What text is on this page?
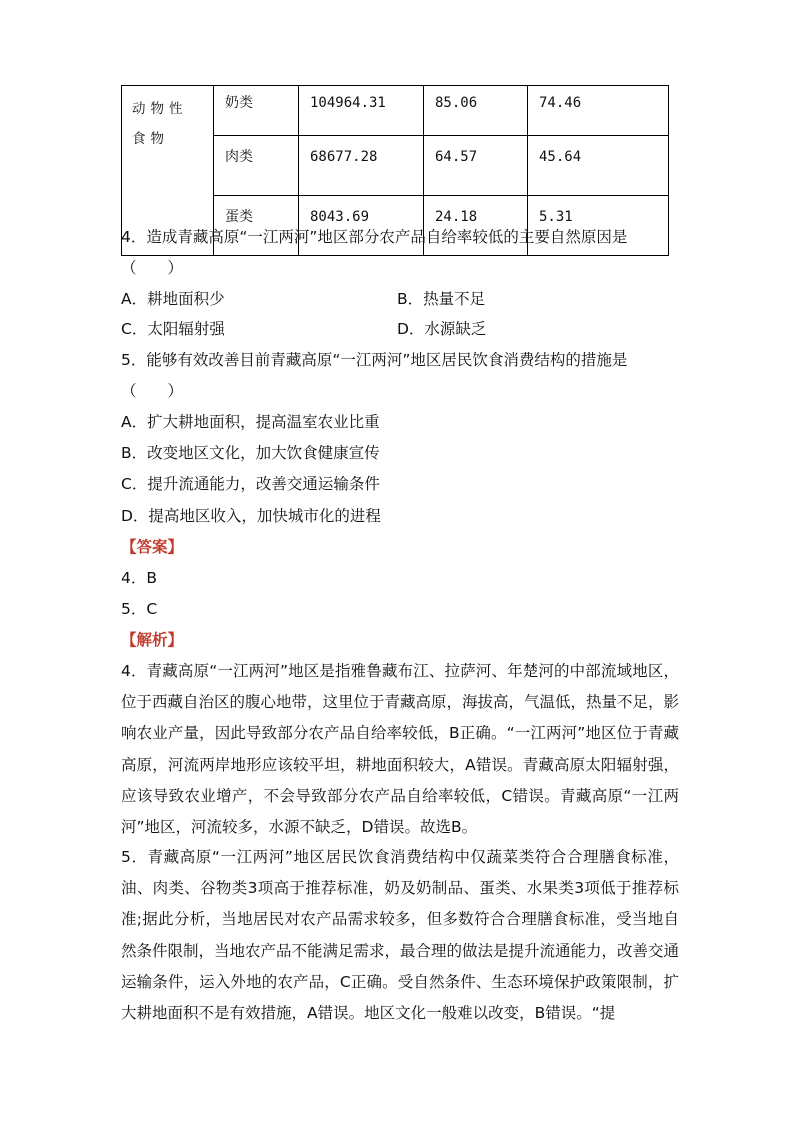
动物性食物	奶类	104964.31	85.06	74.46
	肉类	68677.28	64.57	45.64
	蛋类	8043.69	24.18	5.31
4．造成青藏高原“一江两河”地区部分农产品自给率较低的主要自然原因是
（　　）
A．耕地面积少	B．热量不足
C．太阳辐射强	D．水源缺乏
5．能够有效改善目前青藏高原“一江两河”地区居民饮食消费结构的措施是
（　　）
A．扩大耕地面积，提高温室农业比重
B．改变地区文化，加大饮食健康宣传
C．提升流通能力，改善交通运输条件
D．提高地区收入，加快城市化的进程
【答案】
4．B
5．C
【解析】

4．青藏高原“一江两河”地区是指雅鲁藏布江、拉萨河、年楚河的中部流域地区，位于西藏自治区的腹心地带，这里位于青藏高原，海拔高，气温低，热量不足，影响农业产量，因此导致部分农产品自给率较低，B正确。“一江两河”地区位于青藏高原，河流两岸地形应该较平坦，耕地面积较大，A错误。青藏高原太阳辐射强，应该导致农业增产，不会导致部分农产品自给率较低，C错误。青藏高原“一江两河”地区，河流较多，水源不缺乏，D错误。故选B。

5．青藏高原“一江两河”地区居民饮食消费结构中仅蔬菜类符合合理膳食标准，油、肉类、谷物类3项高于推荐标准，奶及奶制品、蛋类、水果类3项低于推荐标准;据此分析，当地居民对农产品需求较多，但多数符合合理膳食标准，受当地自然条件限制，当地农产品不能满足需求，最合理的做法是提升流通能力，改善交通运输条件，运入外地的农产品，C正确。受自然条件、生态环境保护政策限制，扩大耕地面积不是有效措施，A错误。地区文化一般难以改变，B错误。“提
